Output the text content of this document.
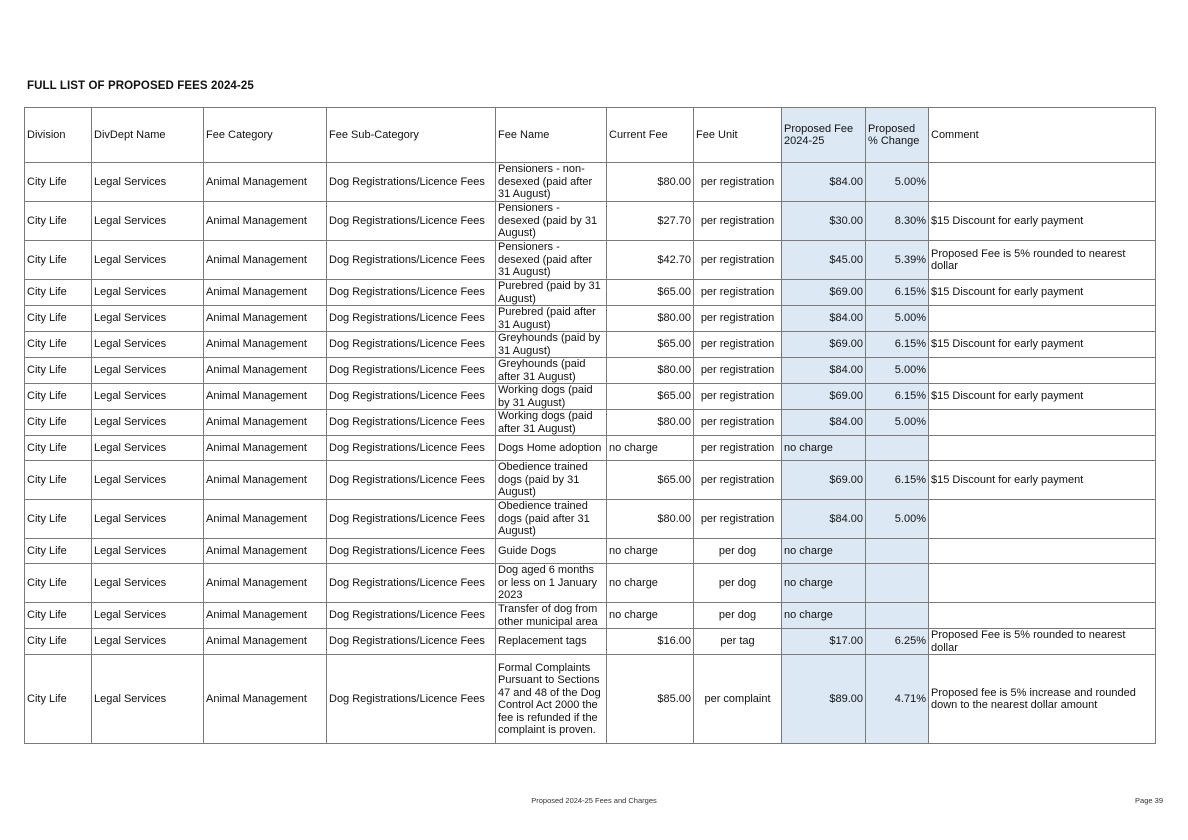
FULL LIST OF PROPOSED FEES 2024-25
Division	DivDept Name	Fee Category	Fee Sub-Category	Fee Name	Current Fee	Fee Unit	Proposed Fee 2024-25	Proposed % Change	Comment
City Life	Legal Services	Animal Management	Dog Registrations/Licence Fees	Pensioners - non-desexed (paid after 31 August)	$80.00	per registration	$84.00	5.00%	
City Life	Legal Services	Animal Management	Dog Registrations/Licence Fees	Pensioners - desexed (paid by 31 August)	$27.70	per registration	$30.00	8.30%	$15 Discount for early payment
City Life	Legal Services	Animal Management	Dog Registrations/Licence Fees	Pensioners - desexed (paid after 31 August)	$42.70	per registration	$45.00	5.39%	Proposed Fee is 5% rounded to nearest dollar
City Life	Legal Services	Animal Management	Dog Registrations/Licence Fees	Purebred (paid by 31 August)	$65.00	per registration	$69.00	6.15%	$15 Discount for early payment
City Life	Legal Services	Animal Management	Dog Registrations/Licence Fees	Purebred (paid after 31 August)	$80.00	per registration	$84.00	5.00%	
City Life	Legal Services	Animal Management	Dog Registrations/Licence Fees	Greyhounds (paid by 31 August)	$65.00	per registration	$69.00	6.15%	$15 Discount for early payment
City Life	Legal Services	Animal Management	Dog Registrations/Licence Fees	Greyhounds (paid after 31 August)	$80.00	per registration	$84.00	5.00%	
City Life	Legal Services	Animal Management	Dog Registrations/Licence Fees	Working dogs (paid by 31 August)	$65.00	per registration	$69.00	6.15%	$15 Discount for early payment
City Life	Legal Services	Animal Management	Dog Registrations/Licence Fees	Working dogs (paid after 31 August)	$80.00	per registration	$84.00	5.00%	
City Life	Legal Services	Animal Management	Dog Registrations/Licence Fees	Dogs Home adoption	no charge	per registration	no charge		
City Life	Legal Services	Animal Management	Dog Registrations/Licence Fees	Obedience trained dogs (paid by 31 August)	$65.00	per registration	$69.00	6.15%	$15 Discount for early payment
City Life	Legal Services	Animal Management	Dog Registrations/Licence Fees	Obedience trained dogs (paid after 31 August)	$80.00	per registration	$84.00	5.00%	
City Life	Legal Services	Animal Management	Dog Registrations/Licence Fees	Guide Dogs	no charge	per dog	no charge		
City Life	Legal Services	Animal Management	Dog Registrations/Licence Fees	Dog aged 6 months or less on 1 January 2023	no charge	per dog	no charge		
City Life	Legal Services	Animal Management	Dog Registrations/Licence Fees	Transfer of dog from other municipal area	no charge	per dog	no charge		
City Life	Legal Services	Animal Management	Dog Registrations/Licence Fees	Replacement tags	$16.00	per tag	$17.00	6.25%	Proposed Fee is 5% rounded to nearest dollar
City Life	Legal Services	Animal Management	Dog Registrations/Licence Fees	Formal Complaints Pursuant to Sections 47 and 48 of the Dog Control Act 2000 the fee is refunded if the complaint is proven.	$85.00	per complaint	$89.00	4.71%	Proposed fee is 5% increase and rounded down to the nearest dollar amount
Proposed 2024-25 Fees and Charges	Page 39
